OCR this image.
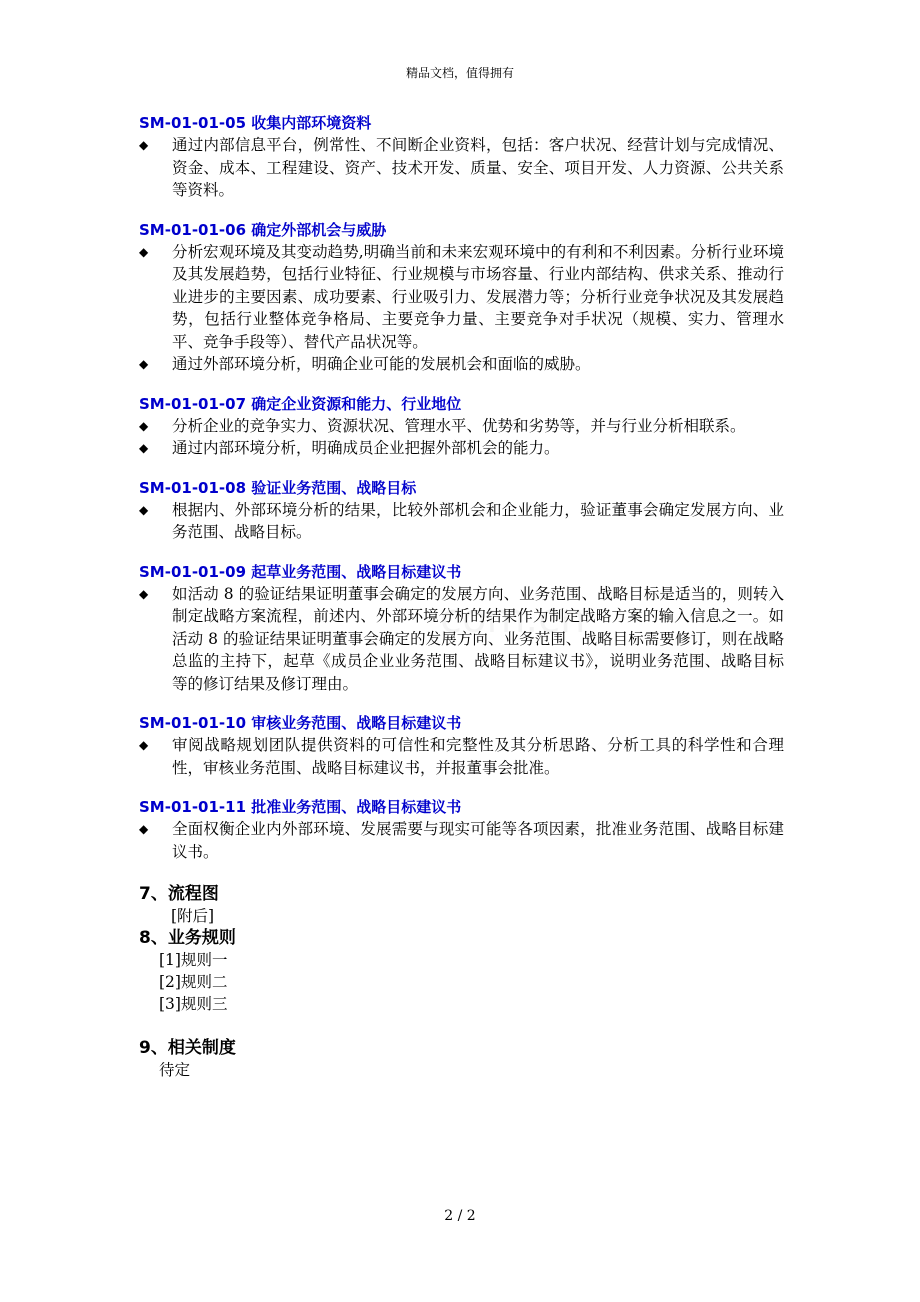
精品文档，值得拥有
SM-01-01-05 收集内部环境资料
◆	通过内部信息平台，例常性、不间断企业资料，包括：客户状况、经营计划与完成情况、资金、成本、工程建设、资产、技术开发、质量、安全、项目开发、人力资源、公共关系等资料。
SM-01-01-06 确定外部机会与威胁
◆	分析宏观环境及其变动趋势,明确当前和未来宏观环境中的有利和不利因素。分析行业环境及其发展趋势，包括行业特征、行业规模与市场容量、行业内部结构、供求关系、推动行业进步的主要因素、成功要素、行业吸引力、发展潜力等；分析行业竞争状况及其发展趋势，包括行业整体竞争格局、主要竞争力量、主要竞争对手状况（规模、实力、管理水平、竞争手段等）、替代产品状况等。
◆	通过外部环境分析，明确企业可能的发展机会和面临的威胁。
SM-01-01-07 确定企业资源和能力、行业地位
◆	分析企业的竞争实力、资源状况、管理水平、优势和劣势等，并与行业分析相联系。
◆	通过内部环境分析，明确成员企业把握外部机会的能力。
SM-01-01-08 验证业务范围、战略目标
◆	根据内、外部环境分析的结果，比较外部机会和企业能力，验证董事会确定发展方向、业务范围、战略目标。
SM-01-01-09 起草业务范围、战略目标建议书
◆	如活动 8 的验证结果证明董事会确定的发展方向、业务范围、战略目标是适当的，则转入制定战略方案流程，前述内、外部环境分析的结果作为制定战略方案的输入信息之一。如活动 8 的验证结果证明董事会确定的发展方向、业务范围、战略目标需要修订，则在战略总监的主持下，起草《成员企业业务范围、战略目标建议书》，说明业务范围、战略目标等的修订结果及修订理由。
SM-01-01-10 审核业务范围、战略目标建议书
◆	审阅战略规划团队提供资料的可信性和完整性及其分析思路、分析工具的科学性和合理性，审核业务范围、战略目标建议书，并报董事会批准。
SM-01-01-11 批准业务范围、战略目标建议书
◆	全面权衡企业内外部环境、发展需要与现实可能等各项因素，批准业务范围、战略目标建议书。
7、流程图
[附后]
8、业务规则
[1]规则一
[2]规则二
[3]规则三
9、相关制度
待定
2 / 2
